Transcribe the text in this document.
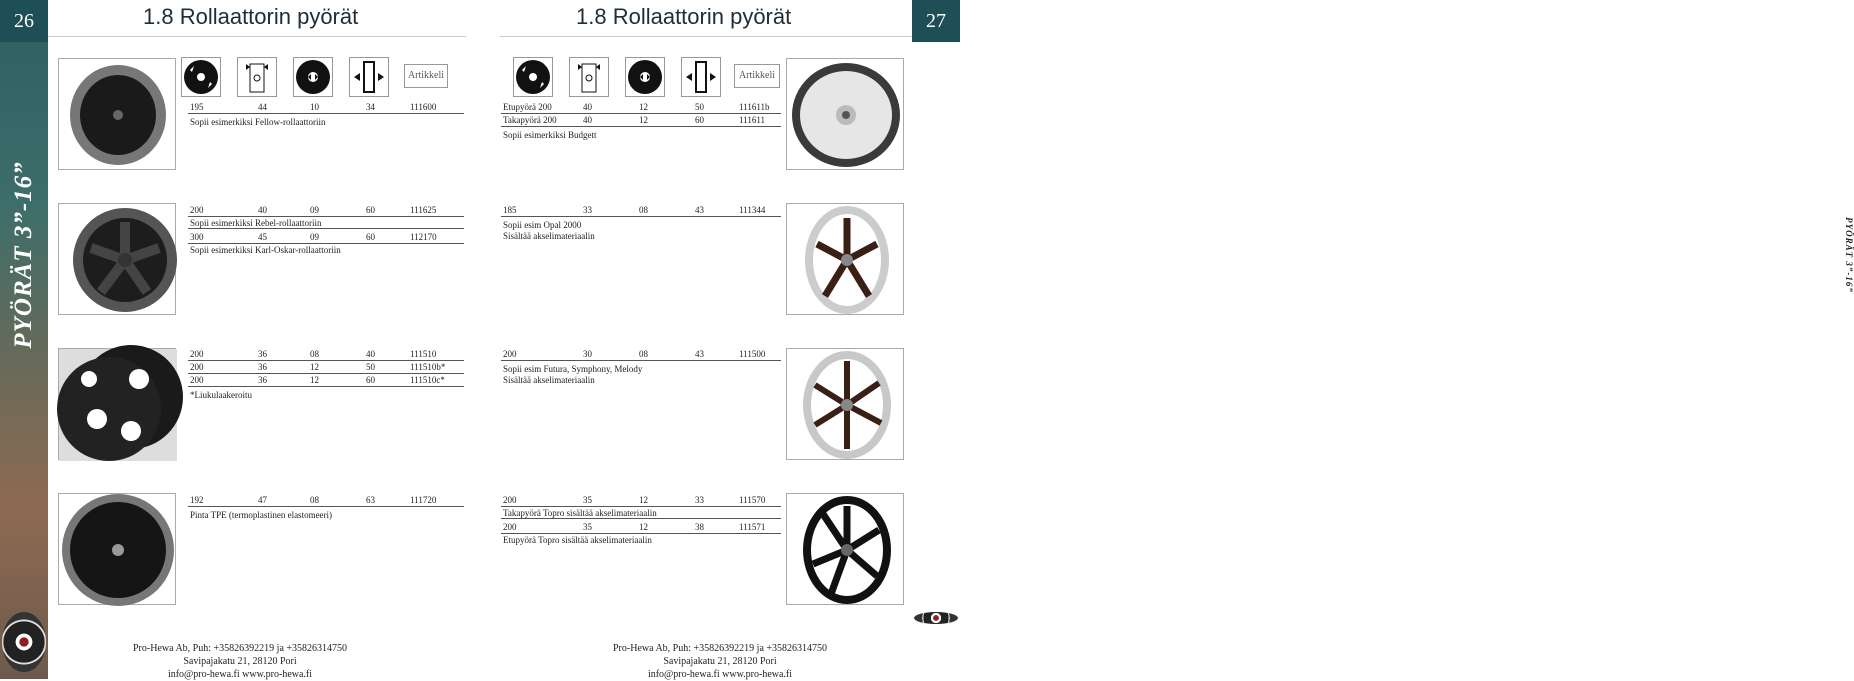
26
PYÖRÄT 3”-16”
27
PYÖRÄT 3”-16”
1.8 Rollaattorin pyörät	1.8 Rollaattorin pyörät
Artikkeli	Artikkeli
195	44	10	34	111600
Sopii esimerkiksi Fellow-rollaattoriin
200	40	09	60	111625
Sopii esimerkiksi Rebel-rollaattoriin
300	45	09	60	112170
Sopii esimerkiksi Karl-Oskar-rollaattoriin
200	36	08	40	111510
200	36	12	50	111510b*
200	36	12	60	111510c*
*Liukulaakeroitu
192	47	08	63	111720
Pinta TPE (termoplastinen elastomeeri)
Etupyörä 200	40	12	50	111611b
Takapyörä 200	40	12	60	111611
Sopii esimerkiksi Budgett
185	33	08	43	111344
Sopii esim Opal 2000
Sisältää akselimateriaalin
200	30	08	43	111500
Sopii esim Futura, Symphony, Melody
Sisältää akselimateriaalin
200	35	12	33	111570
Takapyörä Topro sisältää akselimateriaalin
200	35	12	38	111571
Etupyörä Topro sisältää akselimateriaalin
Pro-Hewa Ab, Puh: +35826392219 ja +35826314750
Savipajakatu 21, 28120 Pori
info@pro-hewa.fi www.pro-hewa.fi
Pro-Hewa Ab, Puh: +35826392219 ja +35826314750
Savipajakatu 21, 28120 Pori
info@pro-hewa.fi www.pro-hewa.fi
